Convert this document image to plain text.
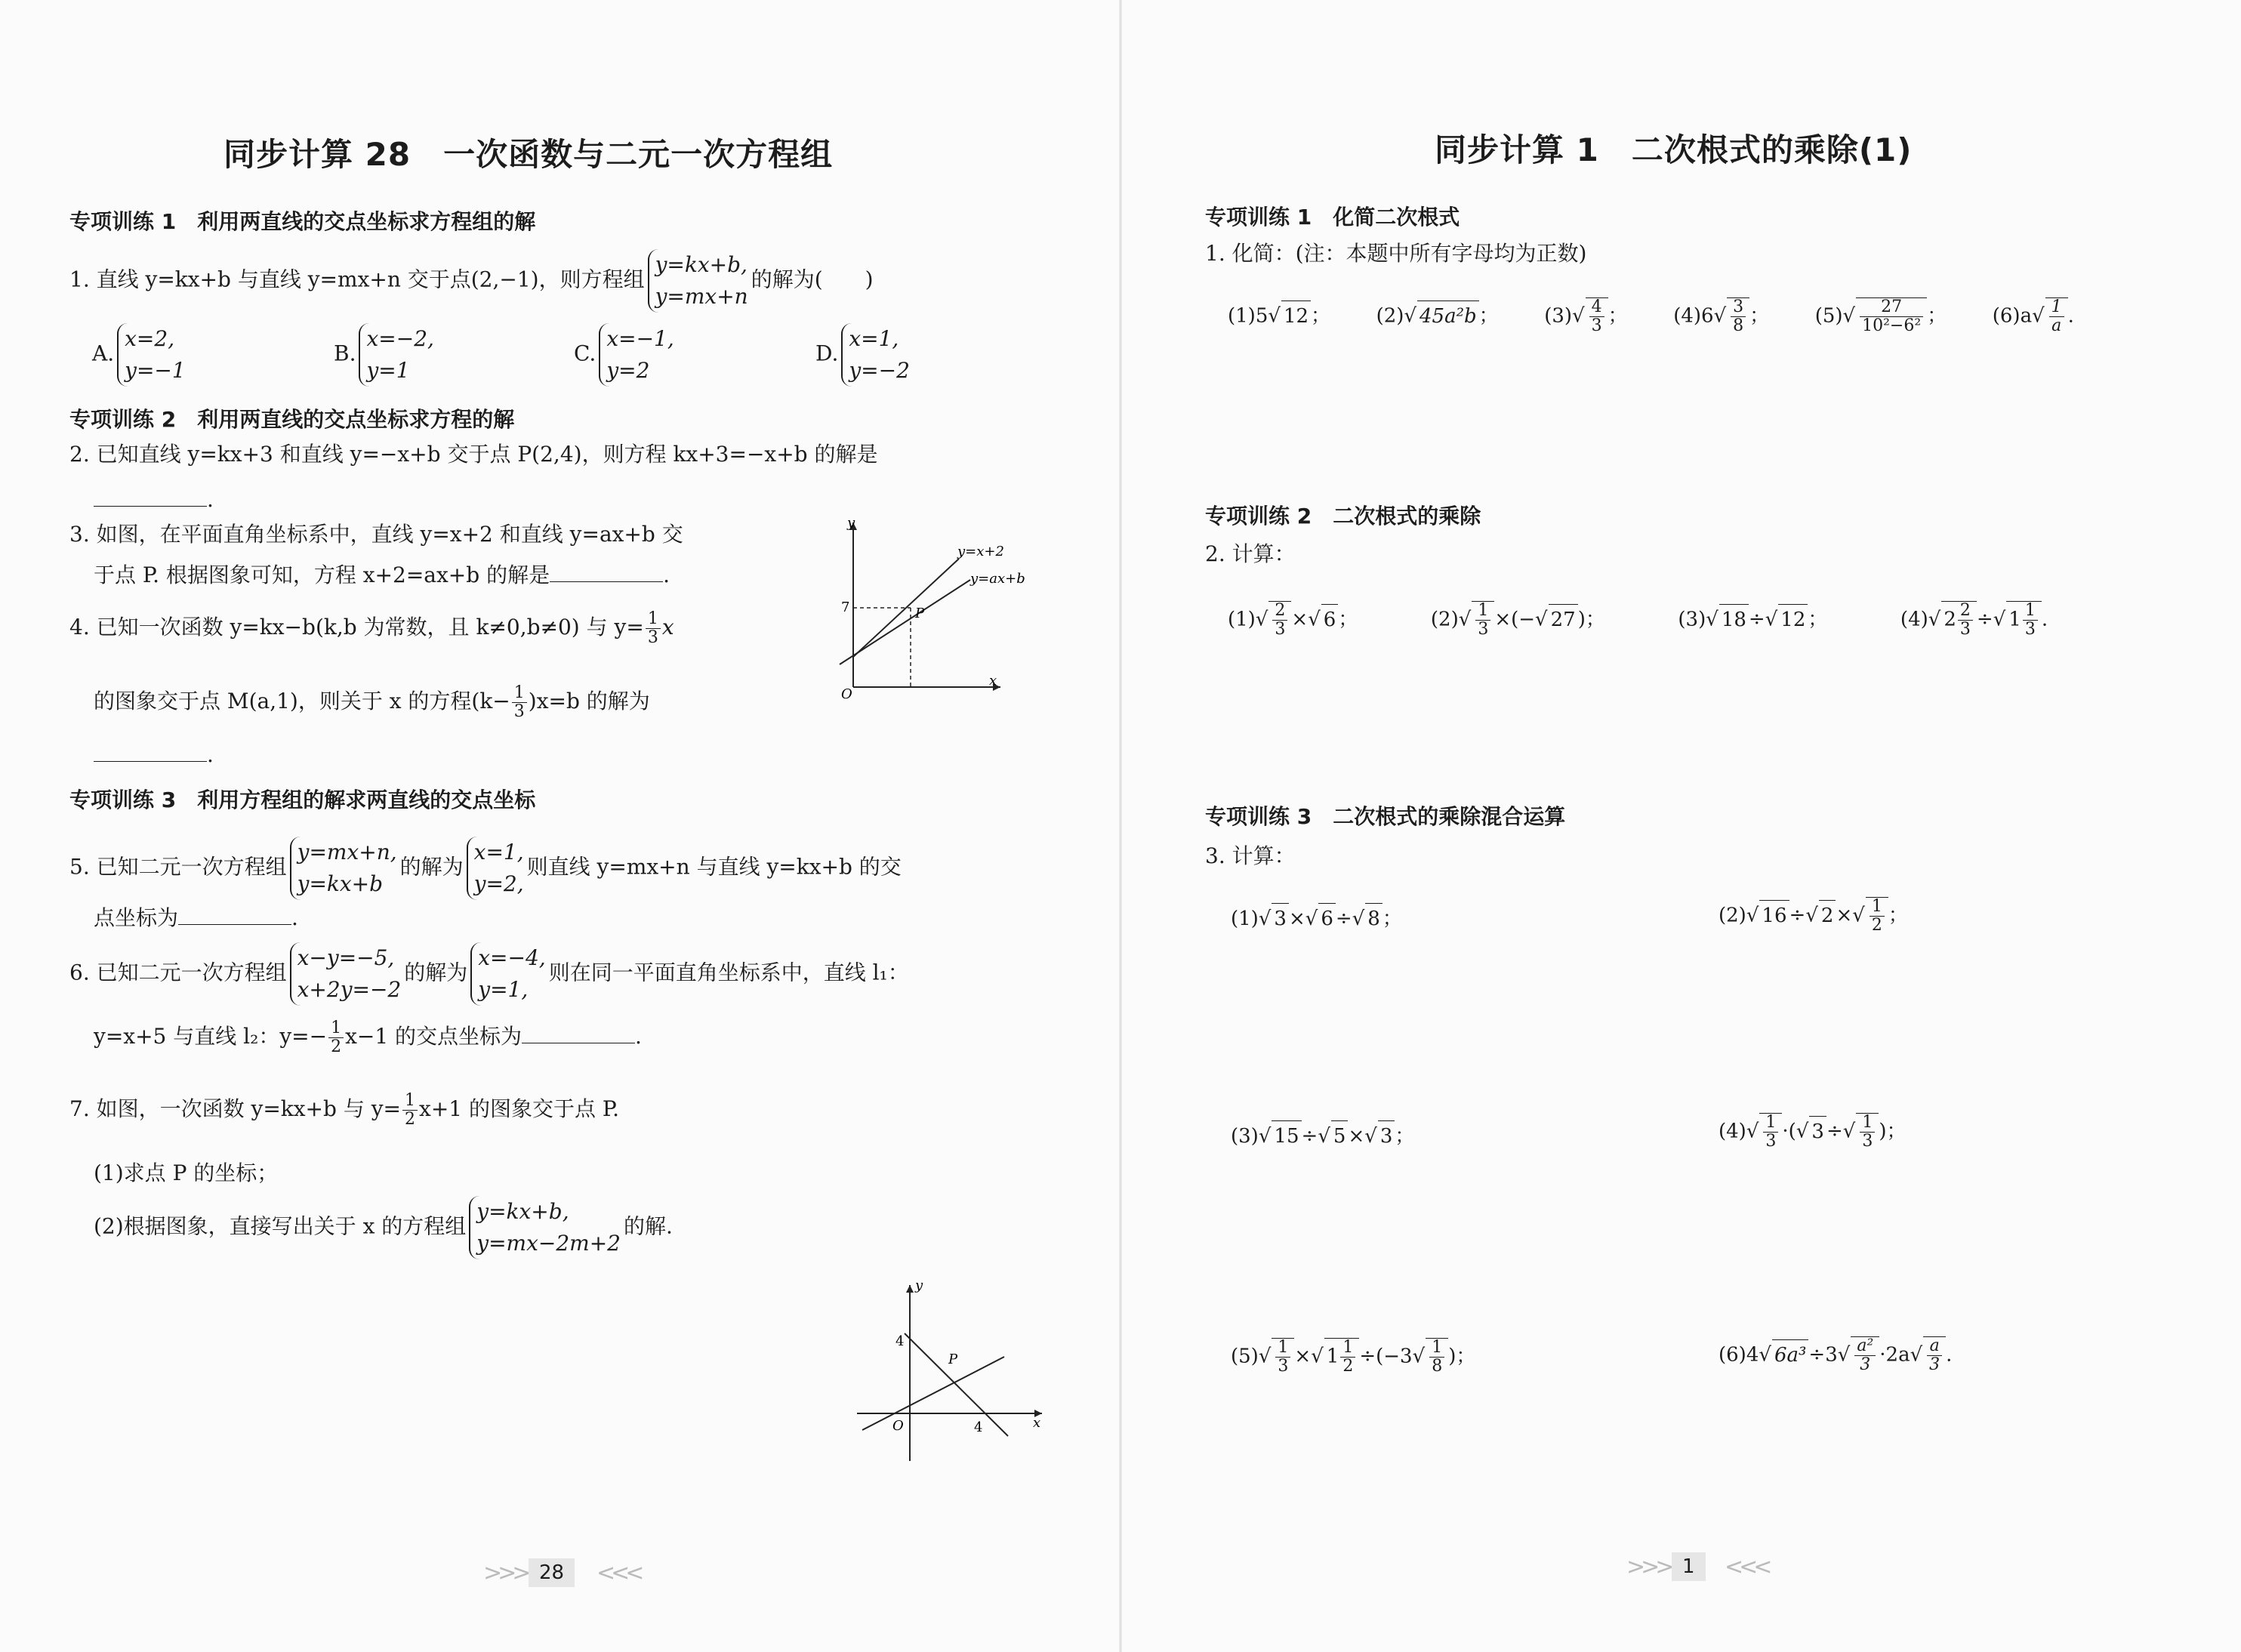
同步计算 28　一次函数与二元一次方程组
专项训练 1　利用两直线的交点坐标求方程组的解
1. 直线 y=kx+b 与直线 y=mx+n 交于点(2,−1)，则方程组
y=kx+b,
y=mx+n
的解为(　　)
A.
x=2,
y=−1
B.
x=−2,
y=1
C.
x=−1,
y=2
D.
x=1,
y=−2
专项训练 2　利用两直线的交点坐标求方程的解
2. 已知直线 y=kx+3 和直线 y=−x+b 交于点 P(2,4)，则方程 kx+3=−x+b 的解是
.
3. 如图，在平面直角坐标系中，直线 y=x+2 和直线 y=ax+b 交
于点 P. 根据图象可知，方程 x+2=ax+b 的解是	.
4. 已知一次函数 y=kx−b(k,b 为常数，且 k≠0,b≠0) 与 $y= \frac{1}{3}$ x
的图象交于点 M(a,1)，则关于 x 的方程$(k- \frac{1}{3} )x=b$ 的解为
.
y
x
O
7	P
y=x+2
y=ax+b
专项训练 3　利用方程组的解求两直线的交点坐标
5. 已知二元一次方程组
y=mx+n,
y=kx+b
的解为
x=1,
y=2,
则直线 y=mx+n 与直线 y=kx+b 的交
点坐标为	.
6. 已知二元一次方程组
x−y=−5,
x+2y=−2
的解为
x=−4,
y=1,
则在同一平面直角坐标系中，直线 l₁：
y=x+5 与直线 l₂：$y=- \frac{1}{2} x-1$ 的交点坐标为	.
7. 如图，一次函数 y=kx+b 与 $y= \frac{1}{2} x+1$ 的图象交于点 P.
(1)求点 P 的坐标；
(2)根据图象，直接写出关于 x 的方程组
y=kx+b,
y=mx−2m+2
的解.
y
x
O
4
4
P
>>> 28	<<<
同步计算 1　二次根式的乘除(1)
专项训练 1　化简二次根式
1. 化简：(注：本题中所有字母均为正数)
(1)5√ 12 ； (2)√ 45a²b ； $(3)√ \frac{4}{3}$ ； $(4)6√ \frac{3}{8}$ ； $(5)√ \frac{27}{\text{10²−6²}}$ ； $(6)a√ \frac{1}{a}$ .
专项训练 2　二次根式的乘除
2. 计算：
$(1)√ \frac{2}{3}$ ×√ 6 ；	$(2)√ \frac{1}{3}$ ×(−√ 27 )；	(3)√ 18 ÷√ 12 ；	(4)√ $2 \frac{2}{3}$ ÷√ $1 \frac{1}{3}$ .
专项训练 3　二次根式的乘除混合运算
3. 计算：
(1)√ 3 ×√ 6 ÷√ 8 ；	(2)√ 16 ÷√ 2 ×√ $\frac{1}{2}$ ；
(3)√ 15 ÷√ 5 ×√ 3 ；	$(4)√ \frac{1}{3}$ ·(√ 3 ÷√ $\frac{1}{3}$ )；
$(5)√ \frac{1}{3}$ ×√ $1 \frac{1}{2} \div(-3√ \frac{1}{8}$ )；	(6)4√ $6a^3 \div 3√ \frac{\text{a²}}{3} \cdot 2a√ \frac{a}{3}$ .
>>> 1	<<<
